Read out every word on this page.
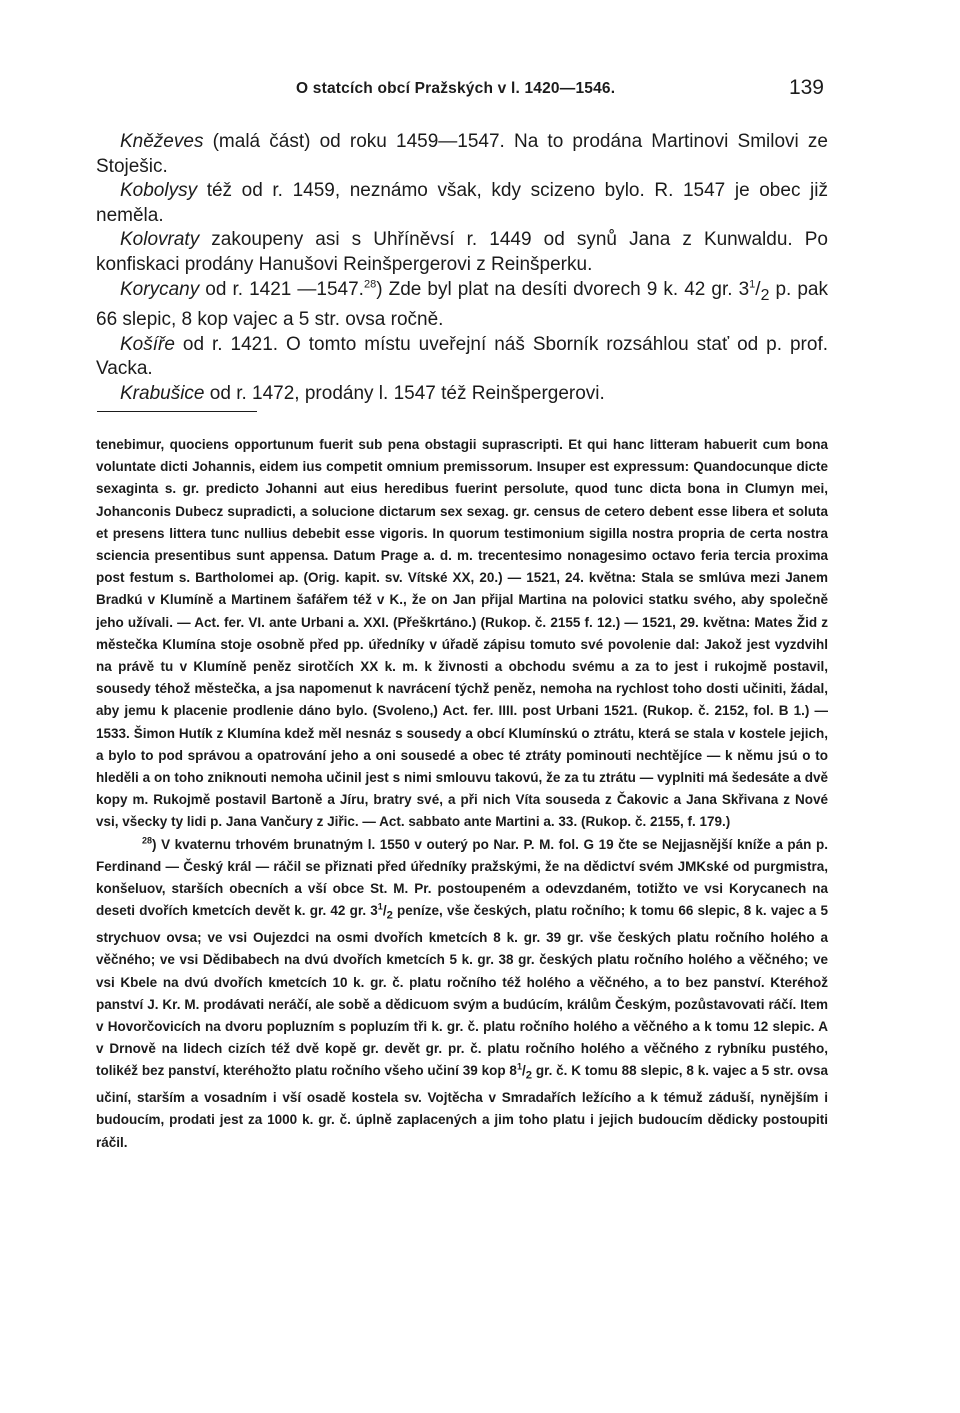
O statcích obcí Pražských v l. 1420—1546.	139

Kněževes (malá část) od roku 1459—1547. Na to prodána Martinovi Smilovi ze Stoješic.

Kobolysy též od r. 1459, neznámo však, kdy scizeno bylo. R. 1547 je obec již neměla.

Kolovraty zakoupeny asi s Uhříněvsí r. 1449 od synů Jana z Kunwaldu. Po konfiskaci prodány Hanušovi Reinšpergerovi z Reinšperku.

Korycany od r. 1421 —1547.28) Zde byl plat na desíti dvorech 9 k. 42 gr. $3^1/_2$ p. pak 66 slepic, 8 kop vajec a 5 str. ovsa ročně.

Košíře od r. 1421. O tomto místu uveřejní náš Sborník rozsáhlou stať od p. prof. Vacka.

Krabušice od r. 1472, prodány l. 1547 též Reinšpergerovi.

tenebimur, quociens opportunum fuerit sub pena obstagii suprascripti. Et qui hanc litteram habuerit cum bona voluntate dicti Johannis, eidem ius competit omnium premissorum. Insuper est expressum: Quandocunque dicte sexaginta s. gr. predicto Johanni aut eius heredibus fuerint persolute, quod tunc dicta bona in Clumyn mei, Johanconis Dubecz supradicti, a solucione dictarum sex sexag. gr. census de cetero debent esse libera et soluta et presens littera tunc nullius debebit esse vigoris. In quorum testimonium sigilla nostra propria de certa nostra sciencia presentibus sunt appensa. Datum Prage a. d. m. trecentesimo nonagesimo octavo feria tercia proxima post festum s. Bartholomei ap. (Orig. kapit. sv. Vítské XX, 20.) — 1521, 24. května: Stala se smlúva mezi Janem Bradkú v Klumíně a Martinem šafářem též v K., že on Jan přijal Martina na polovici statku svého, aby společně jeho užívali. — Act. fer. VI. ante Urbani a. XXI. (Přeškrtáno.) (Rukop. č. 2155 f. 12.) — 1521, 29. května: Mates Žid z městečka Klumína stoje osobně před pp. úředníky v úřadě zápisu tomuto své povolenie dal: Jakož jest vyzdvihl na právě tu v Klumíně peněz sirotčích XX k. m. k živnosti a obchodu svému a za to jest i rukojmě postavil, sousedy téhož městečka, a jsa napomenut k navrácení týchž peněz, nemoha na rychlost toho dosti učiniti, žádal, aby jemu k placenie prodlenie dáno bylo. (Svoleno,) Act. fer. IIII. post Urbani 1521. (Rukop. č. 2152, fol. B 1.) — 1533. Šimon Hutík z Klumína kdež měl nesnáz s sousedy a obcí Klumínskú o ztrátu, která se stala v kostele jejich, a bylo to pod správou a opatrování jeho a oni sousedé a obec té ztráty pominouti nechtějíce — k němu jsú o to hleděli a on toho zniknouti nemoha učinil jest s nimi smlouvu takovú, že za tu ztrátu — vyplniti má šedesáte a dvě kopy m. Rukojmě postavil Bartoně a Jíru, bratry své, a při nich Víta souseda z Čakovic a Jana Skřivana z Nové vsi, všecky ty lidi p. Jana Vančury z Jiřic. — Act. sabbato ante Martini a. 33. (Rukop. č. 2155, f. 179.)

$^{28}$) V kvaternu trhovém brunatným l. 1550 v outerý po Nar. P. M. fol. G 19 čte se Nejjasnější kníže a pán p. Ferdinand — Český král — ráčil se přiznati před úředníky pražskými, že na dědictví svém JMKské od purgmistra, konšeluov, starších obecních a vší obce St. M. Pr. postoupeném a odevzdaném, totižto ve vsi Korycanech na deseti dvořích kmetcích devět k. gr. 42 gr. $3^1/_2$ peníze, vše českých, platu ročního; k tomu 66 slepic, 8 k. vajec a 5 strychuov ovsa; ve vsi Oujezdci na osmi dvořích kmetcích 8 k. gr. 39 gr. vše českých platu ročního holého a věčného; ve vsi Dědibabech na dvú dvořích kmetcích 5 k. gr. 38 gr. českých platu ročního holého a věčného; ve vsi Kbele na dvú dvořích kmetcích 10 k. gr. č. platu ročního též holého a věčného, a to bez panství. Kteréhož panství J. Kr. M. prodávati neráčí, ale sobě a dědicuom svým a budúcím, králům Českým, pozůstavovati ráčí. Item v Hovorčovicích na dvoru popluzním s popluzím tři k. gr. č. platu ročního holého a věčného a k tomu 12 slepic. A v Drnově na lidech cizích též dvě kopě gr. devět gr. pr. č. platu ročního holého a věčného z rybníku pustého, tolikéž bez panství, kteréhožto platu ročního všeho učiní 39 kop $8^1/_2$ gr. č. K tomu 88 slepic, 8 k. vajec a 5 str. ovsa učiní, starším a vosadním i vší osadě kostela sv. Vojtěcha v Smradařích ležícího a k témuž záduší, nynějším i budoucím, prodati jest za 1000 k. gr. č. úplně zaplacených a jim toho platu i jejich budoucím dědicky postoupiti ráčil.
